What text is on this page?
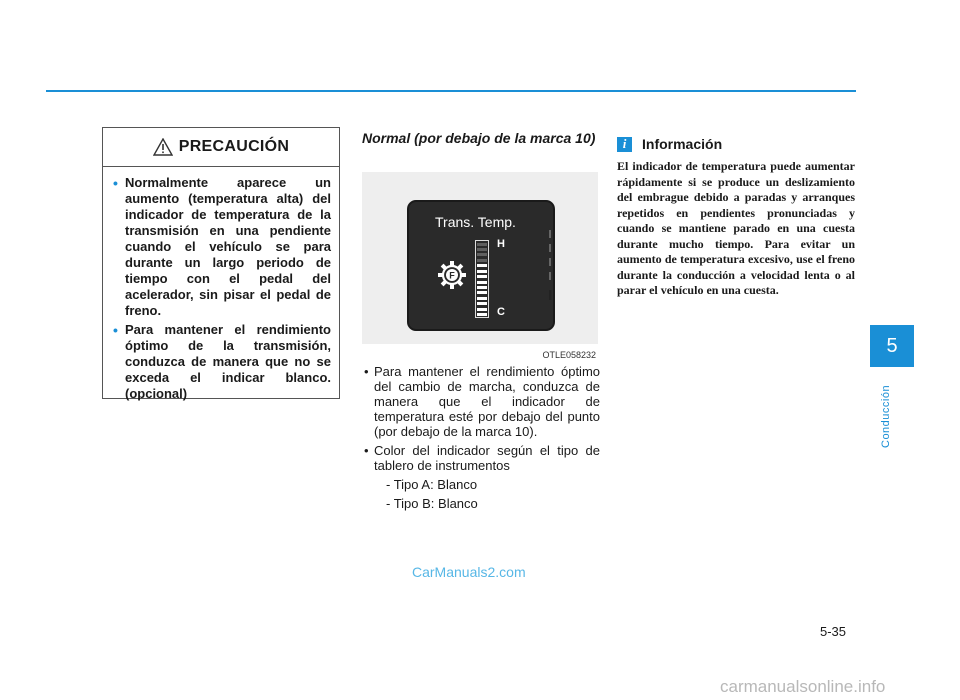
PRECAUCIÓN
• Normalmente aparece un aumento (temperatura alta) del indicador de temperatura de la transmisión en una pendiente cuando el vehículo se para durante un largo periodo de tiempo con el pedal del acelerador, sin pisar el pedal de freno.
• Para mantener el rendimiento óptimo de la transmisión, conduzca de manera que no se exceda el indicar blanco. (opcional)
Normal (por debajo de la marca 10)
Trans. Temp.
F
H
C
OTLE058232
• Para mantener el rendimiento óptimo del cambio de marcha, conduzca de manera que el indicador de temperatura esté por debajo del punto (por debajo de la marca 10).
• Color del indicador según el tipo de tablero de instrumentos
- Tipo A: Blanco
- Tipo B: Blanco
i	Información
El indicador de temperatura puede aumentar rápidamente si se produce un deslizamiento del embrague debido a paradas y arranques repetidos en pendientes pronunciadas y cuando se mantiene parado en una cuesta durante mucho tiempo. Para evitar un aumento de temperatura excesivo, use el freno durante la conducción a velocidad lenta o al parar el vehículo en una cuesta.
5
Conducción
5-35
CarManuals2.com
carmanualsonline.info
